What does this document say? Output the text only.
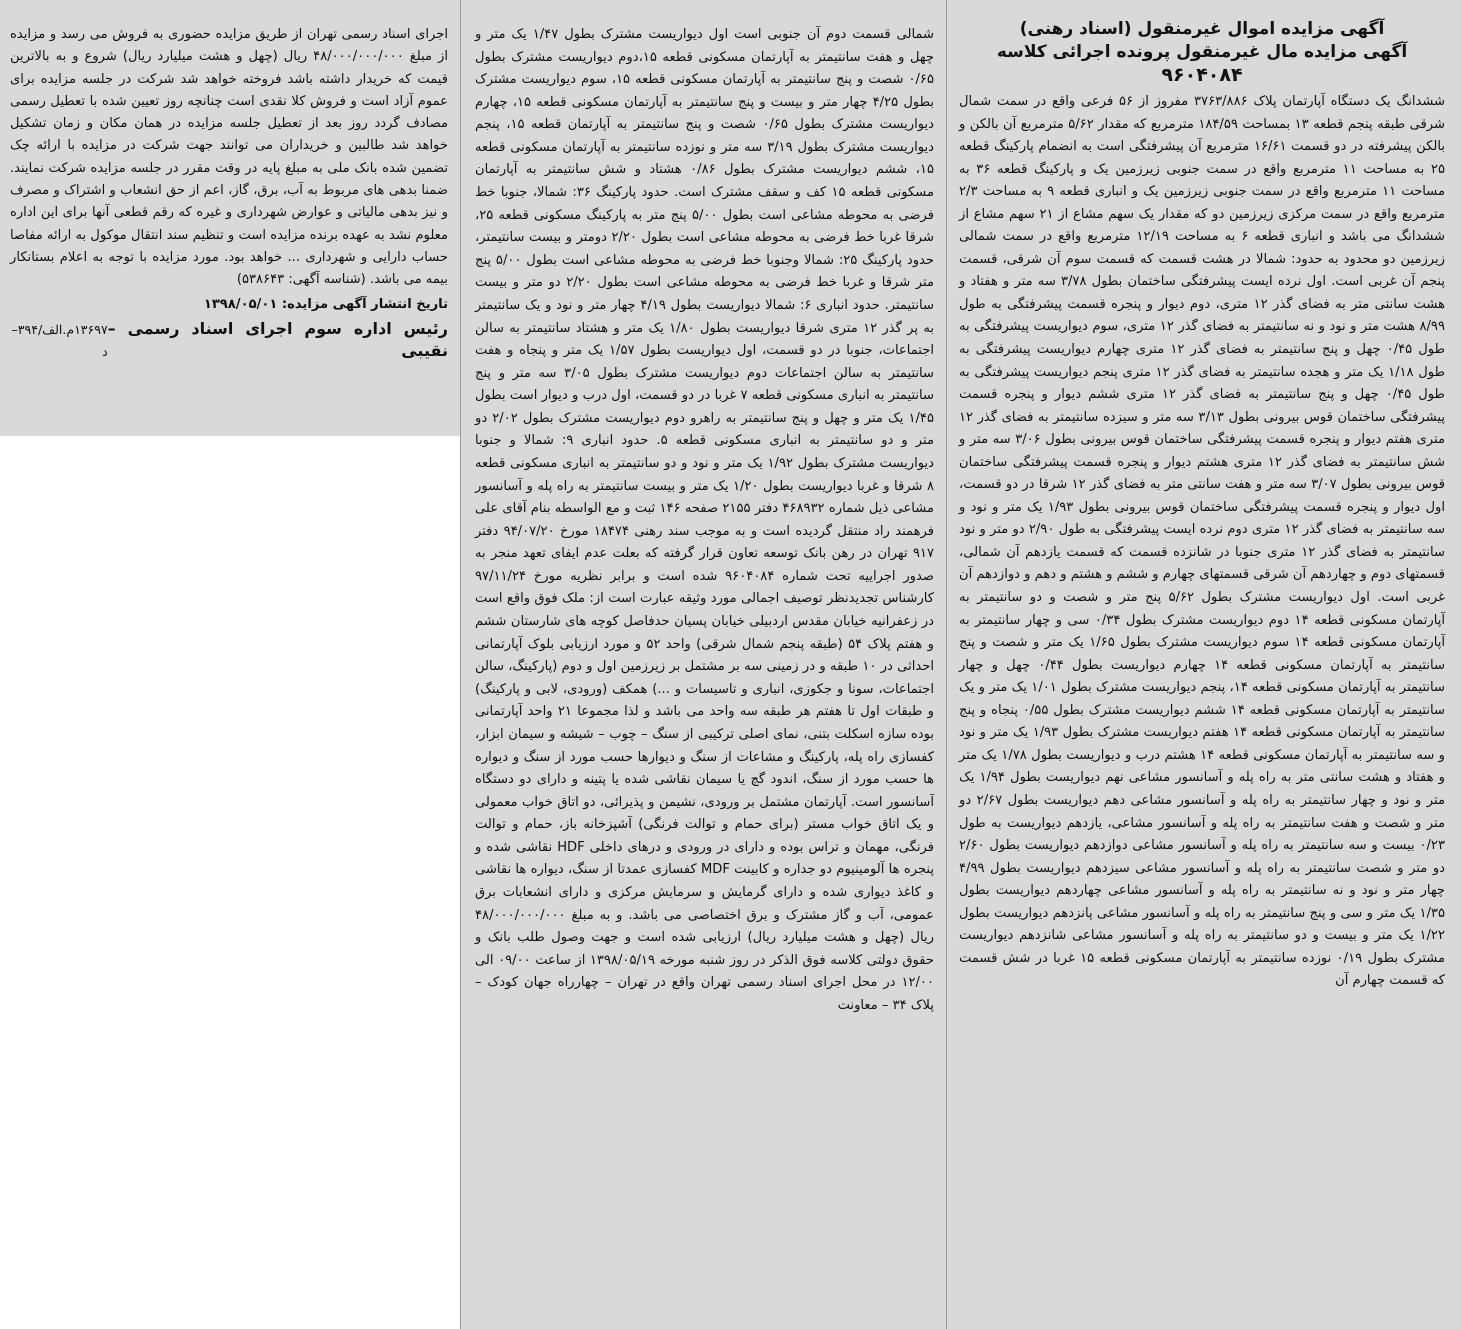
آگهی مزایده اموال غیرمنقول (اسناد رهنی)

آگهی مزایده مال غیرمنقول پرونده اجرائی کلاسه

۹۶۰۴۰۸۴

ششدانگ یک دستگاه آپارتمان پلاک ۳۷۶۳/۸۸۶ مفروز از ۵۶ فرعی واقع در سمت شمال شرقی طبقه پنجم قطعه ۱۳ بمساحت ۱۸۴/۵۹ مترمربع که مقدار ۵/۶۲ مترمربع آن بالکن و بالکن پیشرفته در دو قسمت ۱۶/۶۱ مترمربع آن پیشرفتگی است به انضمام پارکینگ قطعه ۲۵ به مساحت ۱۱ مترمربع واقع در سمت جنوبی زیرزمین یک و پارکینگ قطعه ۳۶ به مساحت ۱۱ مترمربع واقع در سمت جنوبی زیرزمین یک و انباری قطعه ۹ به مساحت ۲/۳ مترمربع واقع در سمت مرکزی زیرزمین دو که مقدار یک سهم مشاع از ۲۱ سهم مشاع از ششدانگ می باشد و انباری قطعه ۶ به مساحت ۱۲/۱۹ مترمربع واقع در سمت شمالی زیرزمین دو محدود به حدود: شمالا در هشت قسمت که قسمت سوم آن شرقی، قسمت پنجم آن غربی است. اول نرده ایست پیشرفتگی ساختمان بطول ۳/۷۸ سه متر و هفتاد و هشت سانتی متر به فضای گذر ۱۲ متری، دوم دیوار و پنجره قسمت پیشرفتگی به طول ۸/۹۹ هشت متر و نود و نه سانتیمتر به فضای گذر ۱۲ متری، سوم دیواریست پیشرفتگی به طول ۰/۴۵ چهل و پنج سانتیمتر به فضای گذر ۱۲ متری چهارم دیواریست پیشرفتگی به طول ۱/۱۸ یک متر و هجده سانتیمتر به فضای گذر ۱۲ متری پنجم دیواریست پیشرفتگی به طول ۰/۴۵ چهل و پنج سانتیمتر به فضای گذر ۱۲ متری ششم دیوار و پنجره قسمت پیشرفتگی ساختمان قوس بیرونی بطول ۳/۱۳ سه متر و سیزده سانتیمتر به فضای گذر ۱۲ متری هفتم دیوار و پنجره قسمت پیشرفتگی ساختمان قوس بیرونی بطول ۳/۰۶ سه متر و شش سانتیمتر به فضای گذر ۱۲ متری هشتم دیوار و پنجره قسمت پیشرفتگی ساختمان قوس بیرونی بطول ۳/۰۷ سه متر و هفت سانتی متر به فضای گذر ۱۲ شرقا در دو قسمت، اول دیوار و پنجره قسمت پیشرفتگی ساختمان قوس بیرونی بطول ۱/۹۳ یک متر و نود و سه سانتیمتر به فضای گذر ۱۲ متری دوم نرده ایست پیشرفتگی به طول ۲/۹۰ دو متر و نود سانتیمتر به فضای گذر ۱۲ متری جنوبا در شانزده قسمت که قسمت یازدهم آن شمالی، قسمتهای دوم و چهاردهم آن شرقی قسمتهای چهارم و ششم و هشتم و دهم و دوازدهم آن غربی است. اول دیواریست مشترک بطول ۵/۶۲ پنج متر و شصت و دو سانتیمتر به آپارتمان مسکونی قطعه ۱۴ دوم دیواریست مشترک بطول ۰/۳۴ سی و چهار سانتیمتر به آپارتمان مسکونی قطعه ۱۴ سوم دیواریست مشترک بطول ۱/۶۵ یک متر و شصت و پنج سانتیمتر به آپارتمان مسکونی قطعه ۱۴ چهارم دیواریست بطول ۰/۴۴ چهل و چهار سانتیمتر به آپارتمان مسکونی قطعه ۱۴، پنجم دیواریست مشترک بطول ۱/۰۱ یک متر و یک سانتیمتر به آپارتمان مسکونی قطعه ۱۴ ششم دیواریست مشترک بطول ۰/۵۵ پنجاه و پنج سانتیمتر به آپارتمان مسکونی قطعه ۱۴ هفتم دیواریست مشترک بطول ۱/۹۳ یک متر و نود و سه سانتیمتر به آپارتمان مسکونی قطعه ۱۴ هشتم درب و دیواریست بطول ۱/۷۸ یک متر و هفتاد و هشت سانتی متر به راه پله و آسانسور مشاعی نهم دیواریست بطول ۱/۹۴ یک متر و نود و چهار سانتیمتر به راه پله و آسانسور مشاعی دهم دیواریست بطول ۲/۶۷ دو متر و شصت و هفت سانتیمتر به راه پله و آسانسور مشاعی، یازدهم دیواریست به طول ۰/۲۳ بیست و سه سانتیمتر به راه پله و آسانسور مشاعی دوازدهم دیواریست بطول ۲/۶۰ دو متر و شصت سانتیمتر به راه پله و آسانسور مشاعی سیزدهم دیواریست بطول ۴/۹۹ چهار متر و نود و نه سانتیمتر به راه پله و آسانسور مشاعی چهاردهم دیواریست بطول ۱/۳۵ یک متر و سی و پنج سانتیمتر به راه پله و آسانسور مشاعی پانزدهم دیواریست بطول ۱/۲۲ یک متر و بیست و دو سانتیمتر به راه پله و آسانسور مشاعی شانزدهم دیواریست مشترک بطول ۰/۱۹ نوزده سانتیمتر به آپارتمان مسکونی قطعه ۱۵ غربا در شش قسمت که قسمت چهارم آن

شمالی قسمت دوم آن جنوبی است اول دیواریست مشترک بطول ۱/۴۷ یک متر و چهل و هفت سانتیمتر به آپارتمان مسکونی قطعه ۱۵،دوم دیواریست مشترک بطول ۰/۶۵ شصت و پنج سانتیمتر به آپارتمان مسکونی قطعه ۱۵، سوم دیواریست مشترک بطول ۴/۲۵ چهار متر و بیست و پنج سانتیمتر به آپارتمان مسکونی قطعه ۱۵، چهارم دیواریست مشترک بطول ۰/۶۵ شصت و پنج سانتیمتر به آپارتمان قطعه ۱۵، پنجم دیواریست مشترک بطول ۳/۱۹ سه متر و نوزده سانتیمتر به آپارتمان مسکونی قطعه ۱۵، ششم دیواریست مشترک بطول ۰/۸۶ هشتاد و شش سانتیمتر به آپارتمان مسکونی قطعه ۱۵ کف و سقف مشترک است. حدود پارکینگ ۳۶: شمالا، جنوبا خط فرضی به محوطه مشاعی است بطول ۵/۰۰ پنج متر به پارکینگ مسکونی قطعه ۲۵، شرقا غربا خط فرضی به محوطه مشاعی است بطول ۲/۲۰ دومتر و بیست سانتیمتر، حدود پارکینگ ۲۵: شمالا وجنوبا خط فرضی به محوطه مشاعی است بطول ۵/۰۰ پنج متر شرقا و غربا خط فرضی به محوطه مشاعی است بطول ۲/۲۰ دو متر و بیست سانتیمتر. حدود انباری ۶: شمالا دیواریست بطول ۴/۱۹ چهار متر و نود و یک سانتیمتر به پر گذر ۱۲ متری شرقا دیواریست بطول ۱/۸۰ یک متر و هشتاد سانتیمتر به سالن اجتماعات، جنوبا در دو قسمت، اول دیواریست بطول ۱/۵۷ یک متر و پنجاه و هفت سانتیمتر به سالن اجتماعات دوم دیواریست مشترک بطول ۳/۰۵ سه متر و پنج سانتیمتر به انباری مسکونی قطعه ۷ غربا در دو قسمت، اول درب و دیوار است بطول ۱/۴۵ یک متر و چهل و پنج سانتیمتر به راهرو دوم دیواریست مشترک بطول ۲/۰۲ دو متر و دو سانتیمتر به انباری مسکونی قطعه ۵. حدود انباری ۹: شمالا و جنوبا دیواریست مشترک بطول ۱/۹۲ یک متر و نود و دو سانتیمتر به انباری مسکونی قطعه ۸ شرقا و غربا دیواریست بطول ۱/۲۰ یک متر و بیست سانتیمتر به راه پله و آسانسور مشاعی ذیل شماره ۴۶۸۹۳۲ دفتر ۲۱۵۵ صفحه ۱۴۶ ثبت و مع الواسطه بنام آقای علی فرهمند راد منتقل گردیده است و به موجب سند رهنی ۱۸۴۷۴ مورخ ۹۴/۰۷/۲۰ دفتر ۹۱۷ تهران در رهن بانک توسعه تعاون قرار گرفته که بعلت عدم ایفای تعهد منجر به صدور اجراییه تحت شماره ۹۶۰۴۰۸۴ شده است و برابر نظریه مورخ ۹۷/۱۱/۲۴ کارشناس تجدیدنظر توصیف اجمالی مورد وثیقه عبارت است از: ملک فوق واقع است در زعفرانیه خیابان مقدس اردبیلی خیابان پسیان حدفاصل کوچه های شارستان ششم و هفتم پلاک ۵۴ (طبقه پنجم شمال شرقی) واحد ۵۲ و مورد ارزیابی بلوک آپارتمانی احداثی در ۱۰ طبقه و در زمینی سه بر مشتمل بر زیرزمین اول و دوم (پارکینگ، سالن اجتماعات، سونا و جکوزی، انباری و تاسیسات و ...) همکف (ورودی، لابی و پارکینگ) و طبقات اول تا هفتم هر طبقه سه واحد می باشد و لذا مجموعا ۲۱ واحد آپارتمانی بوده سازه اسکلت بتنی، نمای اصلی ترکیبی از سنگ – چوب – شیشه و سیمان ابزار، کفسازی راه پله، پارکینگ و مشاعات از سنگ و دیوارها حسب مورد از سنگ و دیواره ها حسب مورد از سنگ، اندود گچ یا سیمان نقاشی شده یا پتینه و دارای دو دستگاه آسانسور است. آپارتمان مشتمل بر ورودی، نشیمن و پذیرائی، دو اتاق خواب معمولی و یک اتاق خواب مستر (برای حمام و توالت فرنگی) آشپزخانه باز، حمام و توالت فرنگی، مهمان و تراس بوده و دارای در ورودی و درهای داخلی HDF نقاشی شده و پنجره ها آلومینیوم دو جداره و کابینت MDF کفسازی عمدتا از سنگ، دیواره ها نقاشی و کاغذ دیواری شده و دارای گرمایش و سرمایش مرکزی و دارای انشعابات برق عمومی، آب و گاز مشترک و برق اختصاصی می باشد. و به مبلغ ۴۸/۰۰۰/۰۰۰/۰۰۰ ریال (چهل و هشت میلیارد ریال) ارزیابی شده است و جهت وصول طلب بانک و حقوق دولتی کلاسه فوق الذکر در روز شنبه مورخه ۱۳۹۸/۰۵/۱۹ از ساعت ۰۹/۰۰ الی ۱۲/۰۰ در محل اجرای اسناد رسمی تهران واقع در تهران – چهارراه جهان کودک – پلاک ۳۴ – معاونت

اجرای اسناد رسمی تهران از طریق مزایده حضوری به فروش می رسد و مزایده از مبلغ ۴۸/۰۰۰/۰۰۰/۰۰۰ ریال (چهل و هشت میلیارد ریال) شروع و به بالاترین قیمت که خریدار داشته باشد فروخته خواهد شد شرکت در جلسه مزایده برای عموم آزاد است و فروش کلا نقدی است چنانچه روز تعیین شده با تعطیل رسمی مصادف گردد روز بعد از تعطیل جلسه مزایده در همان مکان و زمان تشکیل خواهد شد طالبین و خریداران می توانند جهت شرکت در مزایده با ارائه چک تضمین شده بانک ملی به مبلغ پایه در وقت مقرر در جلسه مزایده شرکت نمایند. ضمنا بدهی های مربوط به آب، برق، گاز، اعم از حق انشعاب و اشتراک و مصرف و نیز بدهی مالیاتی و عوارض شهرداری و غیره که رقم قطعی آنها برای این اداره معلوم نشد به عهده برنده مزایده است و تنظیم سند انتقال موکول به ارائه مفاصا حساب دارایی و شهرداری ... خواهد بود. مورد مزایده با توجه به اعلام بستانکار بیمه می باشد. (شناسه آگهی: ۵۳۸۶۴۳)

تاریخ انتشار آگهی مزایده: ۱۳۹۸/۰۵/۰۱

رئیس اداره سوم اجرای اسناد رسمی – نقیبی
۱۳۶۹۷م.الف/۳۹۴–د
